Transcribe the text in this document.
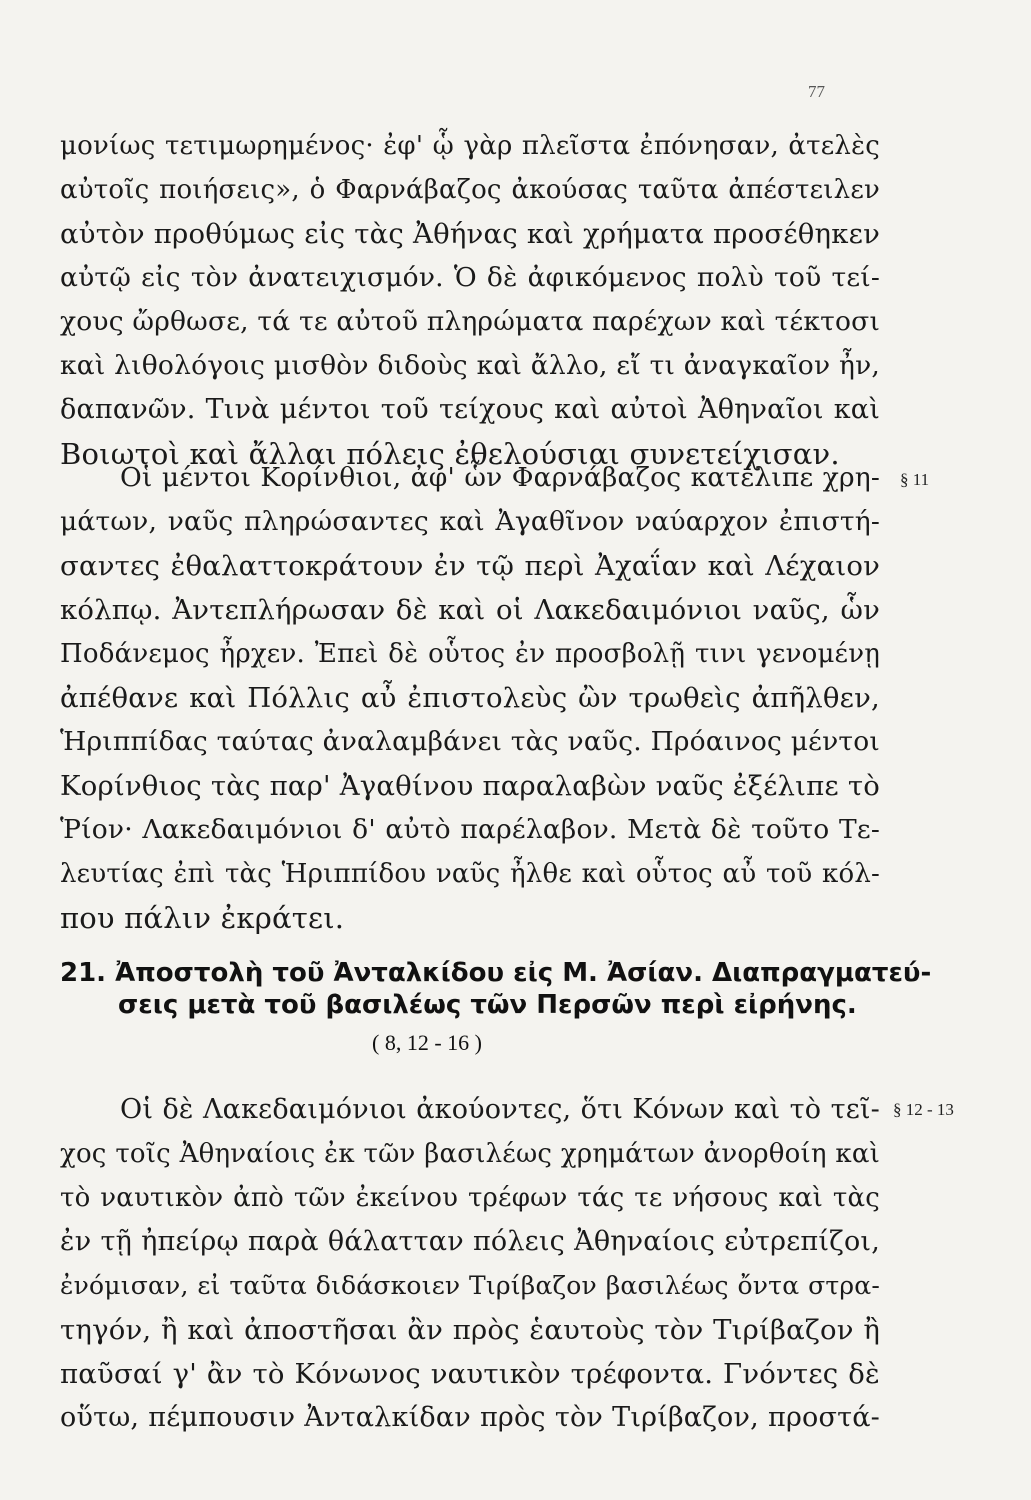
77
μονίως τετιμωρημένος· ἐφ' ᾧ γὰρ πλεῖστα ἐπόνησαν, ἀτελὲς
αὐτοῖς ποιήσεις», ὁ Φαρνάβαζος ἀκούσας ταῦτα ἀπέστειλεν
αὐτὸν προθύμως εἰς τὰς Ἀθήνας καὶ χρήματα προσέθηκεν
αὐτῷ εἰς τὸν ἀνατειχισμόν. Ὁ δὲ ἀφικόμενος πολὺ τοῦ τεί-
χους ὤρθωσε, τά τε αὐτοῦ πληρώματα παρέχων καὶ τέκτοσι
καὶ λιθολόγοις μισθὸν διδοὺς καὶ ἄλλο, εἴ τι ἀναγκαῖον ἦν,
δαπανῶν. Τινὰ μέντοι τοῦ τείχους καὶ αὐτοὶ Ἀθηναῖοι καὶ
Βοιωτοὶ καὶ ἄλλαι πόλεις ἐθελούσιαι συνετείχισαν.
Οἱ μέντοι Κορίνθιοι, ἀφ' ὧν Φαρνάβαζος κατέλιπε χρη-
μάτων, ναῦς πληρώσαντες καὶ Ἀγαθῖνον ναύαρχον ἐπιστή-
σαντες ἐθαλαττοκράτουν ἐν τῷ περὶ Ἀχαΐαν καὶ Λέχαιον
κόλπῳ. Ἀντεπλήρωσαν δὲ καὶ οἱ Λακεδαιμόνιοι ναῦς, ὧν
Ποδάνεμος ἦρχεν. Ἐπεὶ δὲ οὗτος ἐν προσβολῇ τινι γενομένῃ
ἀπέθανε καὶ Πόλλις αὖ ἐπιστολεὺς ὢν τρωθεὶς ἀπῆλθεν,
Ἡριππίδας ταύτας ἀναλαμβάνει τὰς ναῦς. Πρόαινος μέντοι
Κορίνθιος τὰς παρ' Ἀγαθίνου παραλαβὼν ναῦς ἐξέλιπε τὸ
Ῥίον· Λακεδαιμόνιοι δ' αὐτὸ παρέλαβον. Μετὰ δὲ τοῦτο Τε-
λευτίας ἐπὶ τὰς Ἡριππίδου ναῦς ἦλθε καὶ οὗτος αὖ τοῦ κόλ-
που πάλιν ἐκράτει.
§ 11
21. Ἀποστολὴ τοῦ Ἀνταλκίδου εἰς Μ. Ἀσίαν. Διαπραγματεύ-
σεις μετὰ τοῦ βασιλέως τῶν Περσῶν περὶ εἰρήνης.
( 8, 12 - 16 )
Οἱ δὲ Λακεδαιμόνιοι ἀκούοντες, ὅτι Κόνων καὶ τὸ τεῖ-
χος τοῖς Ἀθηναίοις ἐκ τῶν βασιλέως χρημάτων ἀνορθοίη καὶ
τὸ ναυτικὸν ἀπὸ τῶν ἐκείνου τρέφων τάς τε νήσους καὶ τὰς
ἐν τῇ ἠπείρῳ παρὰ θάλατταν πόλεις Ἀθηναίοις εὐτρεπίζοι,
ἐνόμισαν, εἰ ταῦτα διδάσκοιεν Τιρίβαζον βασιλέως ὄντα στρα-
τηγόν, ἢ καὶ ἀποστῆσαι ἂν πρὸς ἑαυτοὺς τὸν Τιρίβαζον ἢ
παῦσαί γ' ἂν τὸ Κόνωνος ναυτικὸν τρέφοντα. Γνόντες δὲ
οὕτω, πέμπουσιν Ἀνταλκίδαν πρὸς τὸν Τιρίβαζον, προστά-
§ 12 - 13
